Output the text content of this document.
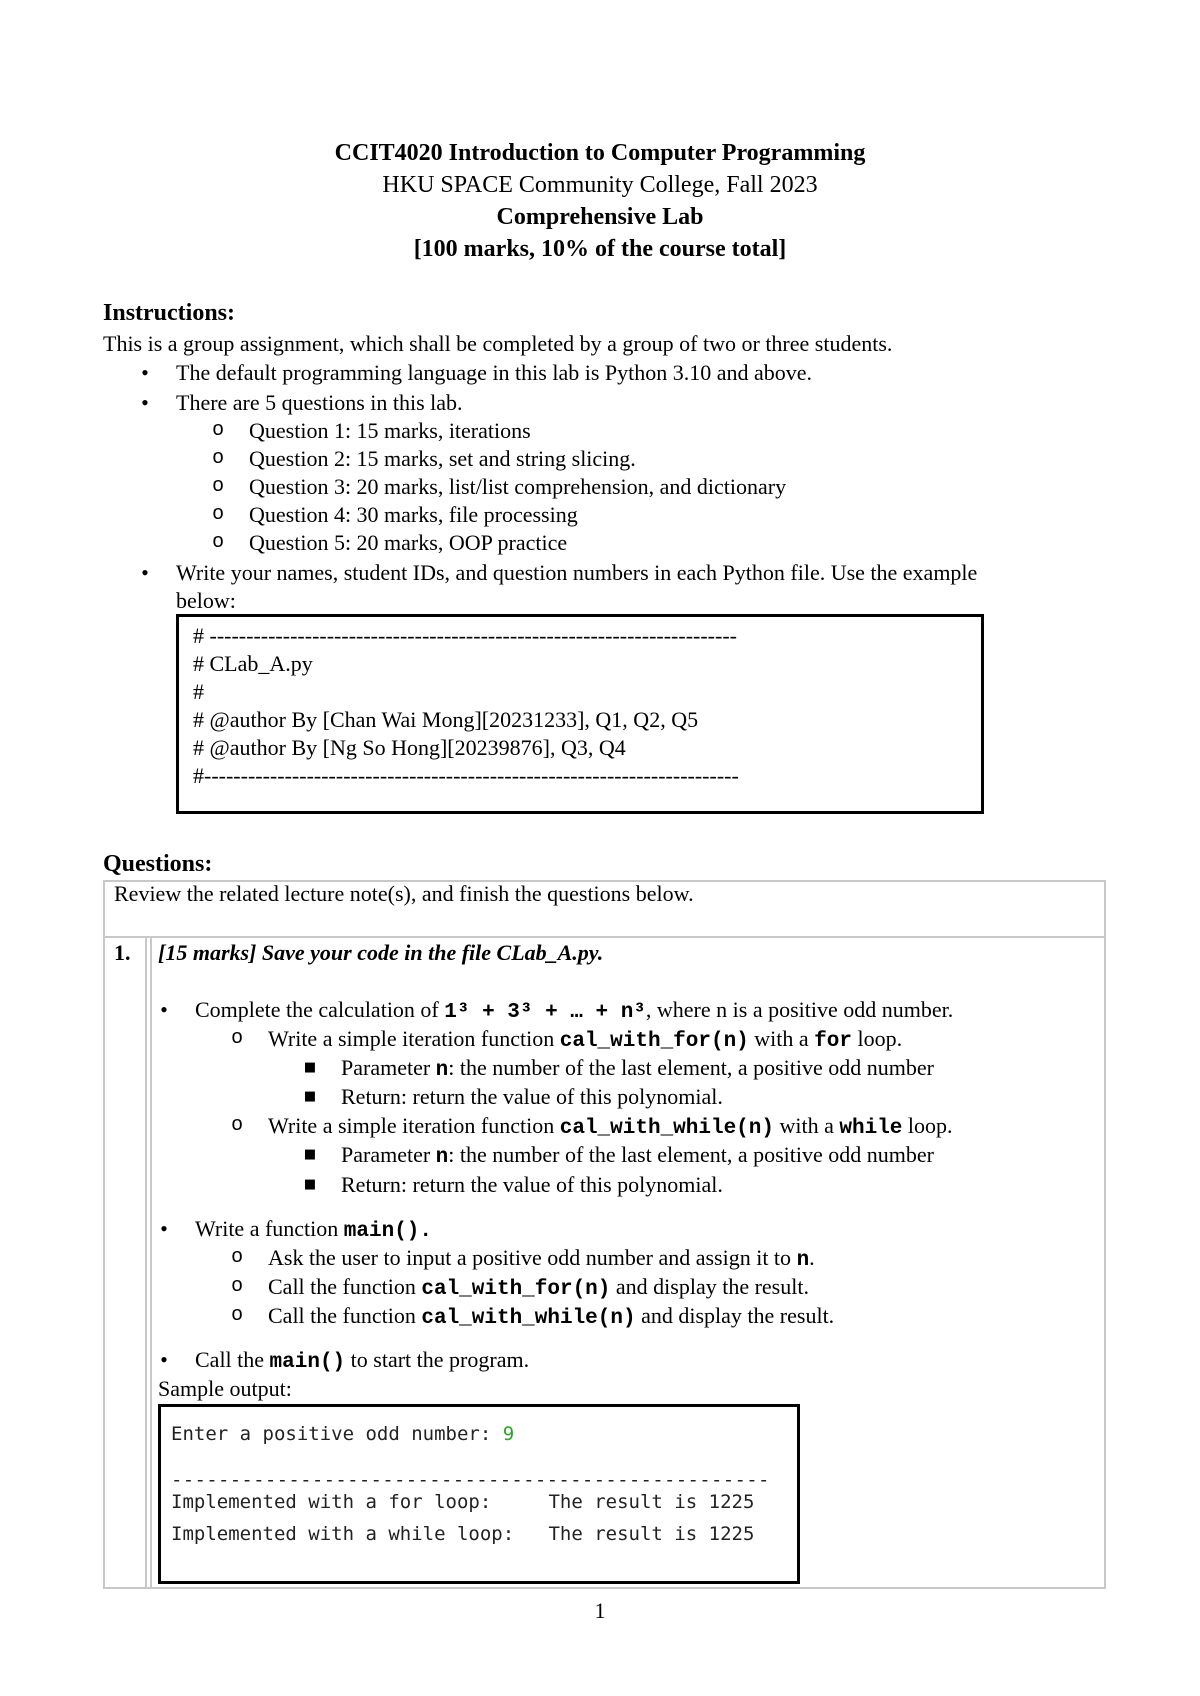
CCIT4020 Introduction to Computer Programming
HKU SPACE Community College, Fall 2023
Comprehensive Lab
[100 marks, 10% of the course total]
Instructions:
This is a group assignment, which shall be completed by a group of two or three students.
•	The default programming language in this lab is Python 3.10 and above.
•	There are 5 questions in this lab.
o Question 1: 15 marks, iterations
o Question 2: 15 marks, set and string slicing.
o Question 3: 20 marks, list/list comprehension, and dictionary
o Question 4: 30 marks, file processing
o Question 5: 20 marks, OOP practice
•	Write your names, student IDs, and question numbers in each Python file. Use the example
below:
# ------------------------------------------------------------------------
# CLab_A.py
#
# @author By [Chan Wai Mong][20231233], Q1, Q2, Q5
# @author By [Ng So Hong][20239876], Q3, Q4
#-------------------------------------------------------------------------
Questions:
Review the related lecture note(s), and finish the questions below.
1. [15 marks] Save your code in the file CLab_A.py.
•	Complete the calculation of 1³ + 3³ + … + n³, where n is a positive odd number.
o Write a simple iteration function cal_with_for(n) with a for loop.
■ Parameter n: the number of the last element, a positive odd number
■ Return: return the value of this polynomial.
o Write a simple iteration function cal_with_while(n) with a while loop.
■ Parameter n: the number of the last element, a positive odd number
■ Return: return the value of this polynomial.
•	Write a function main().
o Ask the user to input a positive odd number and assign it to n.
o Call the function cal_with_for(n) and display the result.
o Call the function cal_with_while(n) and display the result.
•	Call the main() to start the program.
Sample output:
Enter a positive odd number: 9
---------------------------------------------------
Implemented with a for loop:     The result is 1225
Implemented with a while loop:   The result is 1225
1
